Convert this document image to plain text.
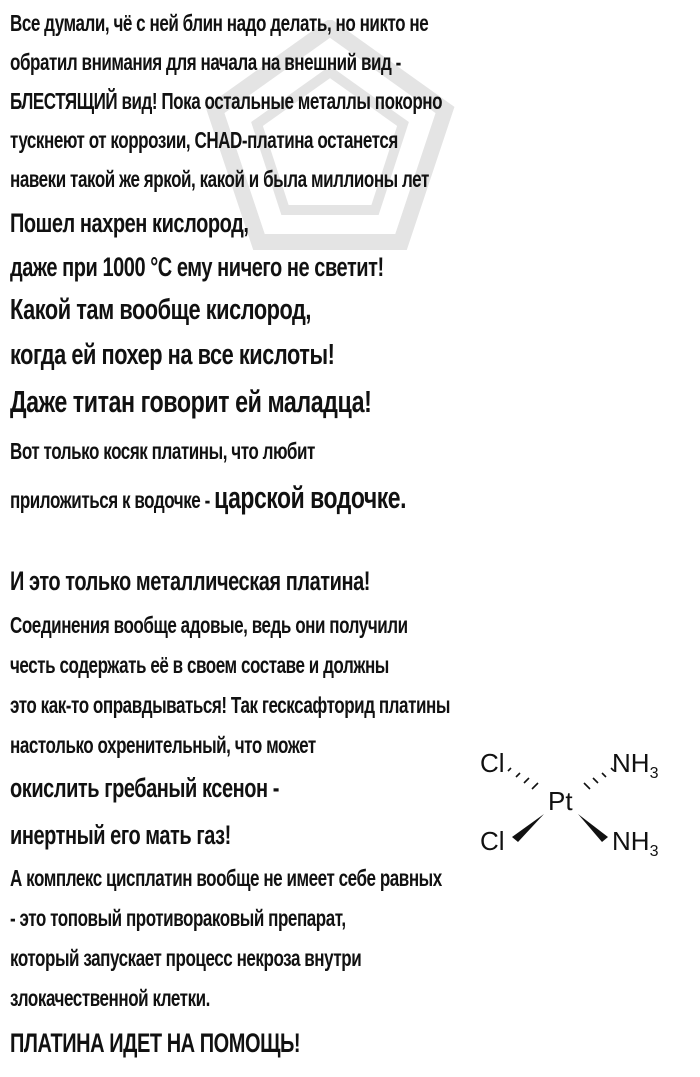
Все думали, чё с ней блин надо делать, но никто не
обратил внимания для начала на внешний вид -
БЛЕСТЯЩИЙ вид! Пока остальные металлы покорно
тускнеют от коррозии, CHAD-платина останется
навеки такой же яркой, какой и была миллионы лет
Пошел нахрен кислород,
даже при 1000 °C ему ничего не светит!
Какой там вообще кислород,
когда ей похер на все кислоты!
Даже титан говорит ей маладца!
Вот только косяк платины, что любит
приложиться к водочке - царской водочке.
И это только металлическая платина!
Соединения вообще адовые, ведь они получили
честь содержать её в своем составе и должны
это как-то оправдываться! Так гесксафторид платины
настолько охренительный, что может
окислить гребаный ксенон -
инертный его мать газ!
А комплекс цисплатин вообще не имеет себе равных
- это топовый противораковый препарат,
который запускает процесс некроза внутри
злокачественной клетки.
ПЛАТИНА ИДЕТ НА ПОМОЩЬ!
Pt
Cl
Cl
$NH_3$
$NH_3$
